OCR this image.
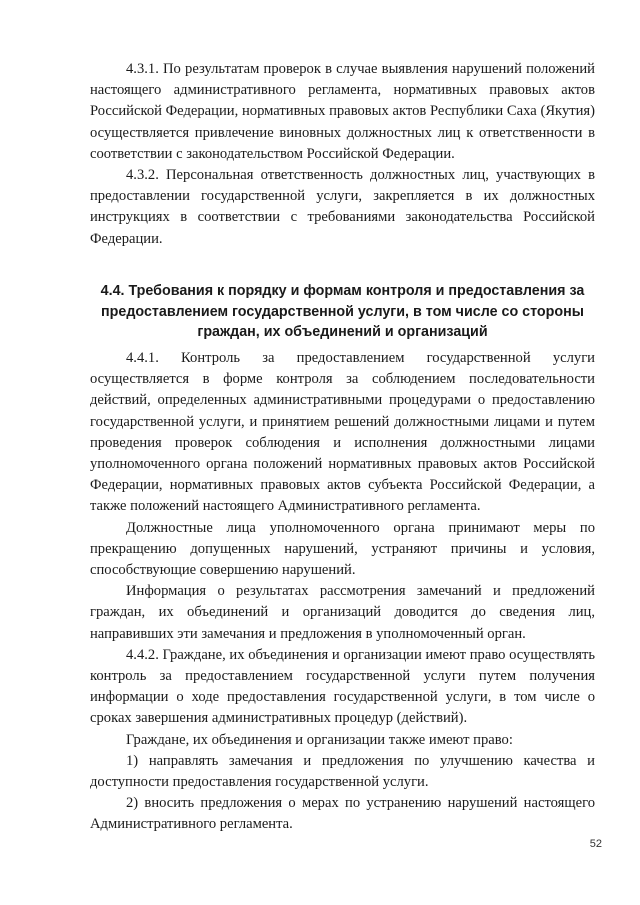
4.3.1. По результатам проверок в случае выявления нарушений положений настоящего административного регламента, нормативных правовых актов Российской Федерации, нормативных правовых актов Республики Саха (Якутия) осуществляется привлечение виновных должностных лиц к ответственности в соответствии с законодательством Российской Федерации.

4.3.2. Персональная ответственность должностных лиц, участвующих в предоставлении государственной услуги, закрепляется в их должностных инструкциях в соответствии с требованиями законодательства Российской Федерации.

4.4. Требования к порядку и формам контроля и предоставления за предоставлением государственной услуги, в том числе со стороны граждан, их объединений и организаций

4.4.1. Контроль за предоставлением государственной услуги осуществляется в форме контроля за соблюдением последовательности действий, определенных административными процедурами о предоставлению государственной услуги, и принятием решений должностными лицами и путем проведения проверок соблюдения и исполнения должностными лицами уполномоченного органа положений нормативных правовых актов Российской Федерации, нормативных правовых актов субъекта Российской Федерации, а также положений настоящего Административного регламента.

Должностные лица уполномоченного органа принимают меры по прекращению допущенных нарушений, устраняют причины и условия, способствующие совершению нарушений.

Информация о результатах рассмотрения замечаний и предложений граждан, их объединений и организаций доводится до сведения лиц, направивших эти замечания и предложения в уполномоченный орган.

4.4.2. Граждане, их объединения и организации имеют право осуществлять контроль за предоставлением государственной услуги путем получения информации о ходе предоставления государственной услуги, в том числе о сроках завершения административных процедур (действий).

Граждане, их объединения и организации также имеют право:

1) направлять замечания и предложения по улучшению качества и доступности предоставления государственной услуги.

2) вносить предложения о мерах по устранению нарушений настоящего Административного регламента.

52
